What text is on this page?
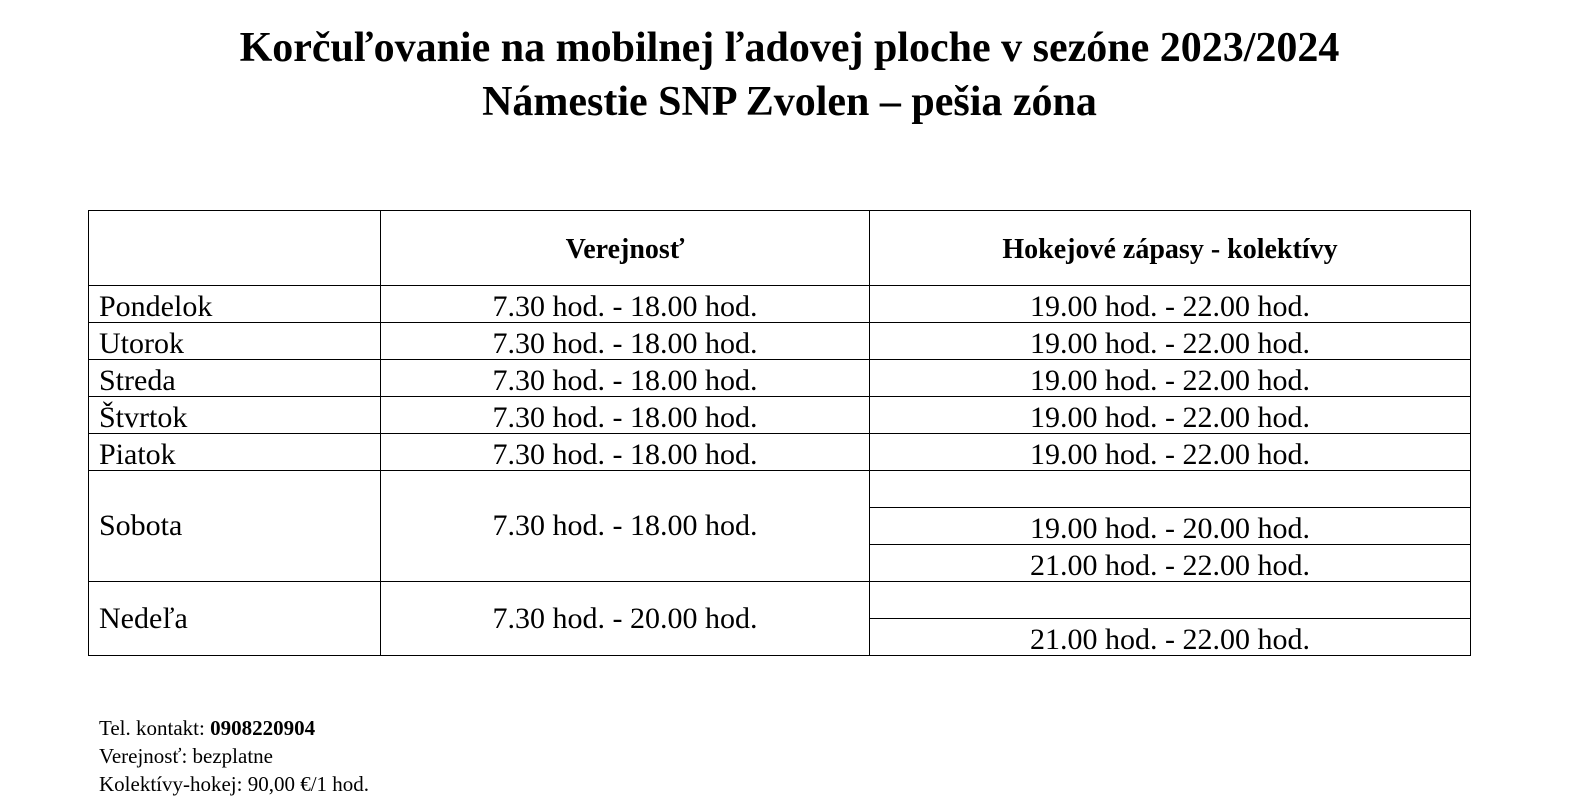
Korčuľovanie na mobilnej ľadovej ploche v sezóne 2023/2024
Námestie SNP Zvolen – pešia zóna
	Verejnosť	Hokejové zápasy - kolektívy
Pondelok	7.30 hod. - 18.00 hod.	19.00 hod. - 22.00 hod.
Utorok	7.30 hod. - 18.00 hod.	19.00 hod. - 22.00 hod.
Streda	7.30 hod. - 18.00 hod.	19.00 hod. - 22.00 hod.
Štvrtok	7.30 hod. - 18.00 hod.	19.00 hod. - 22.00 hod.
Piatok	7.30 hod. - 18.00 hod.	19.00 hod. - 22.00 hod.
Sobota	7.30 hod. - 18.00 hod.	
		19.00 hod. - 20.00 hod.
		21.00 hod. - 22.00 hod.
Nedeľa	7.30 hod. - 20.00 hod.	
		21.00 hod. - 22.00 hod.
Tel. kontakt: 0908220904
Verejnosť: bezplatne
Kolektívy-hokej: 90,00 €/1 hod.
